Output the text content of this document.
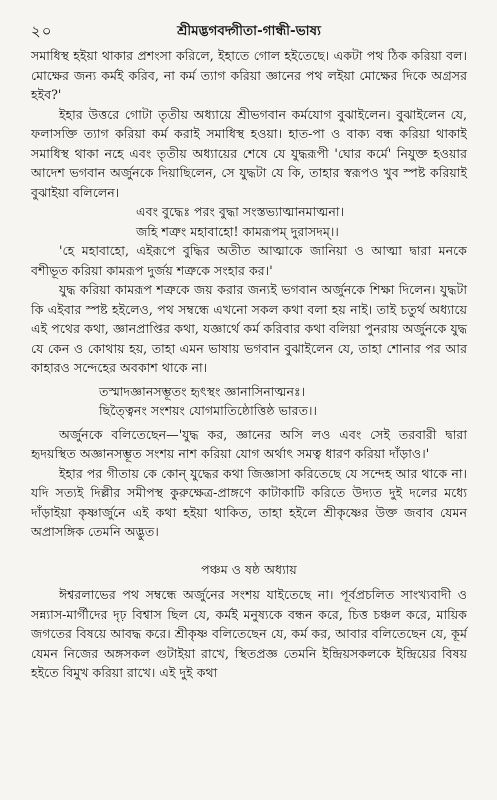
২০	শ্রীমদ্ভগবদ্গীতা-গান্ধী-ভাষ্য

সমাধিস্থ হইয়া থাকার প্রশংসা করিলে, ইহাতে গোল হইতেছে। একটা পথ ঠিক করিয়া বল। মোক্ষের জন্য কর্মই করিব, না কর্ম ত্যাগ করিয়া জ্ঞানের পথ লইয়া মোক্ষের দিকে অগ্রসর হইব?'

ইহার উত্তরে গোটা তৃতীয় অধ্যায়ে শ্রীভগবান কর্মযোগ বুঝাইলেন। বুঝাইলেন যে, ফলাসক্তি ত্যাগ করিয়া কর্ম করাই সমাধিস্থ হওয়া। হাত-পা ও বাক্য বন্ধ করিয়া থাকাই সমাধিস্থ থাকা নহে এবং তৃতীয় অধ্যায়ের শেষে যে যুদ্ধরূপী 'ঘোর কর্মে' নিযুক্ত হওয়ার আদেশ ভগবান অর্জুনকে দিয়াছিলেন, সে যুদ্ধটা যে কি, তাহার স্বরূপও খুব স্পষ্ট করিয়াই বুঝাইয়া বলিলেন।

এবং বুদ্ধেঃ পরং বুদ্ধা সংস্তভ্যাত্মানমাত্মনা।
জহি শত্রুং মহাবাহো! কামরূপম্ দুরাসদম্।।

'হে মহাবাহো, এইরূপে বুদ্ধির অতীত আত্মাকে জানিয়া ও আত্মা দ্বারা মনকে বশীভূত করিয়া কামরূপ দুর্জয় শত্রুকে সংহার কর।'

যুদ্ধ করিয়া কামরূপ শত্রুকে জয় করার জন্যই ভগবান অর্জুনকে শিক্ষা দিলেন। যুদ্ধটা কি এইবার স্পষ্ট হইলেও, পথ সম্বন্ধে এখনো সকল কথা বলা হয় নাই। তাই চতুর্থ অধ্যায়ে এই পথের কথা, জ্ঞানপ্রাপ্তির কথা, যজ্ঞার্থে কর্ম করিবার কথা বলিয়া পুনরায় অর্জুনকে যুদ্ধ যে কেন ও কোথায় হয়, তাহা এমন ভাষায় ভগবান বুঝাইলেন যে, তাহা শোনার পর আর কাহারও সন্দেহের অবকাশ থাকে না।

তস্মাদজ্ঞানসম্ভূতং হৃৎস্থং জ্ঞানাসিনাত্মনঃ।
ছিত্ত্বৈনং সংশয়ং যোগমাতিষ্ঠোত্তিষ্ঠ ভারত।।

অর্জুনকে বলিতেছেন—'যুদ্ধ কর, জ্ঞানের অসি লও এবং সেই তরবারী দ্বারা হৃদয়স্থিত অজ্ঞানসম্ভূত সংশয় নাশ করিয়া যোগ অর্থাৎ সমত্ব ধারণ করিয়া দাঁড়াও।'

ইহার পর গীতায় কে কোন্ যুদ্ধের কথা জিজ্ঞাসা করিতেছে যে সন্দেহ আর থাকে না। যদি সত্যই দিল্লীর সমীপস্থ কুরুক্ষেত্র-প্রাঙ্গণে কাটাকাটি করিতে উদ্যত দুই দলের মধ্যে দাঁড়াইয়া কৃষ্ণার্জুনে এই কথা হইয়া থাকিত, তাহা হইলে শ্রীকৃষ্ণের উক্ত জবাব যেমন অপ্রাসঙ্গিক তেমনি অদ্ভুত।

পঞ্চম ও ষষ্ঠ অধ্যায়

ঈশ্বরলাভের পথ সম্বন্ধে অর্জুনের সংশয় যাইতেছে না। পূর্বপ্রচলিত সাংখ্যবাদী ও সন্ন্যাস-মার্গীদের দৃঢ় বিশ্বাস ছিল যে, কর্মই মনুষ্যকে বন্ধন করে, চিত্ত চঞ্চল করে, মায়িক জগতের বিষয়ে আবদ্ধ করে। শ্রীকৃষ্ণ বলিতেছেন যে, কর্ম কর, আবার বলিতেছেন যে, কূর্ম যেমন নিজের অঙ্গসকল গুটাইয়া রাখে, স্থিতপ্রজ্ঞ তেমনি ইন্দ্রিয়সকলকে ইন্দ্রিয়ের বিষয় হইতে বিমুখ করিয়া রাখে। এই দুই কথা
